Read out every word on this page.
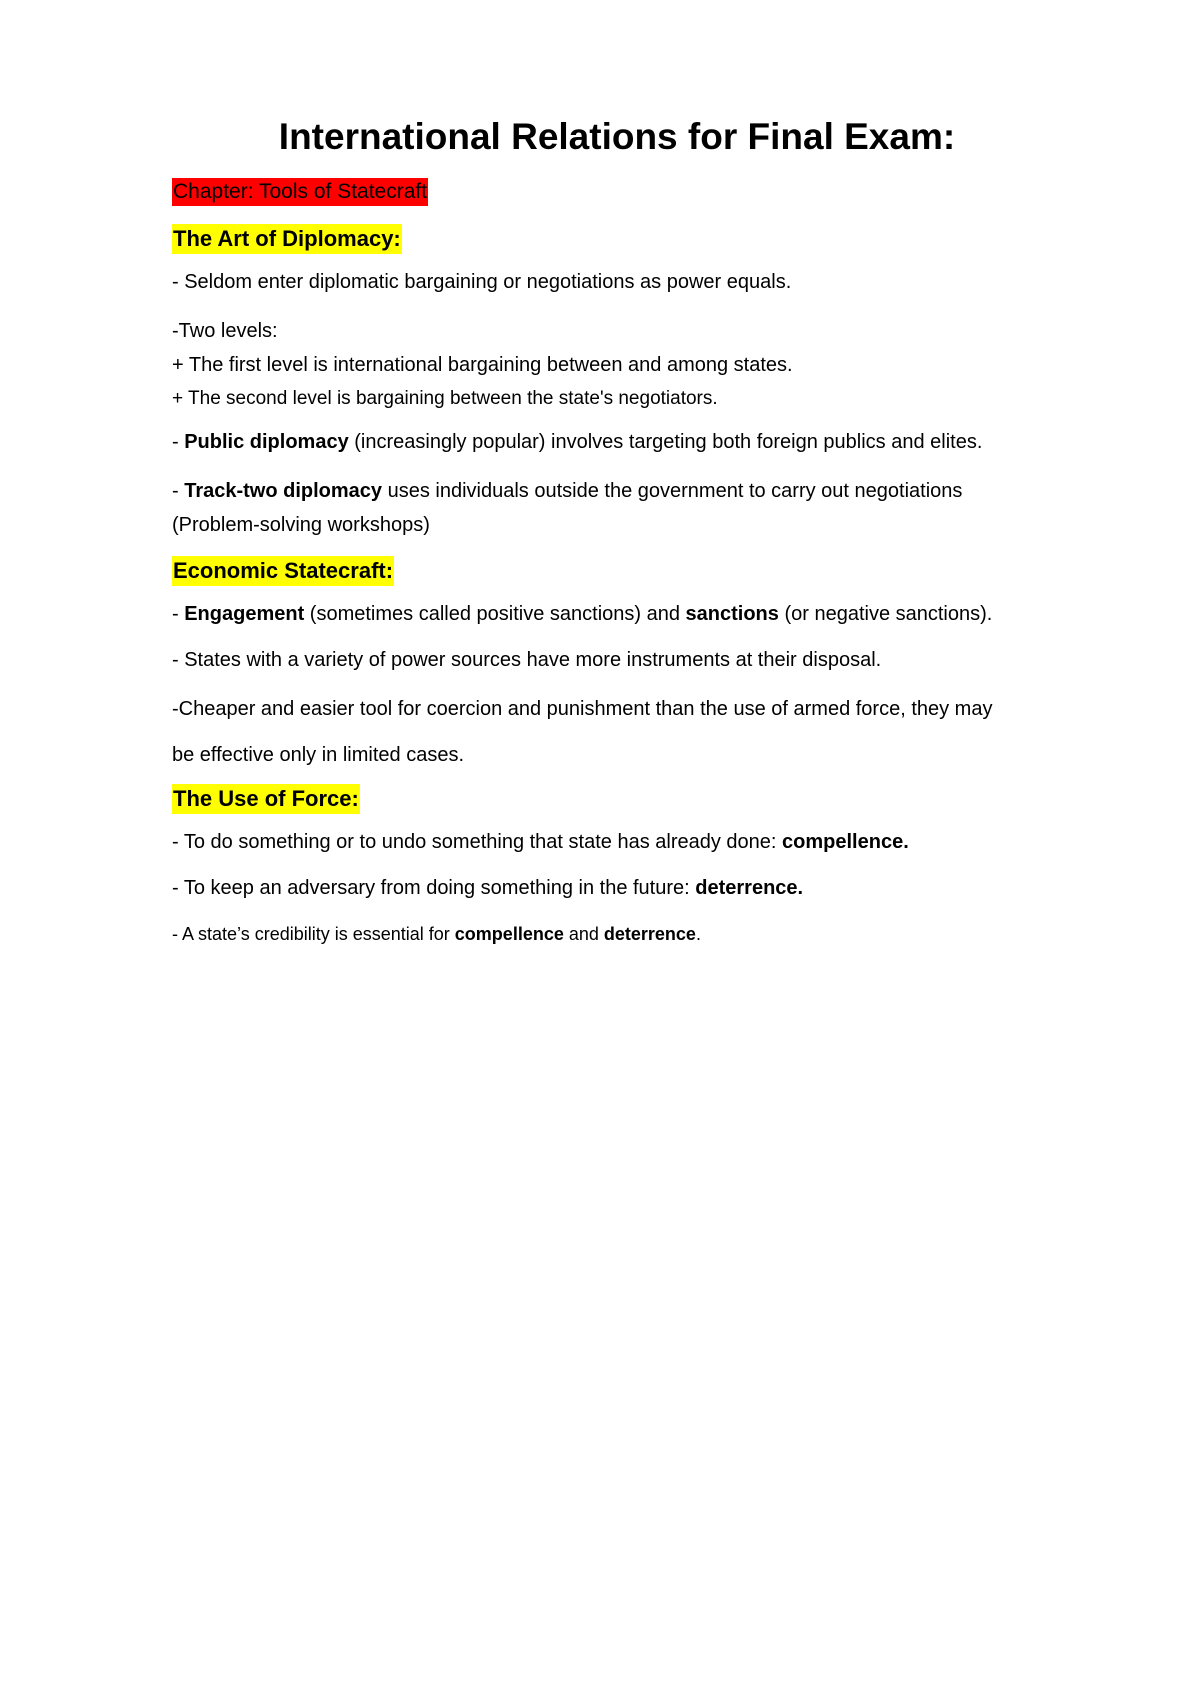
International Relations for Final Exam:
Chapter: Tools of Statecraft
The Art of Diplomacy:
- Seldom enter diplomatic bargaining or negotiations as power equals.
-Two levels:
+ The first level is international bargaining between and among states.
+ The second level is bargaining between the state's negotiators.
- Public diplomacy (increasingly popular) involves targeting both foreign publics and elites.
- Track-two diplomacy uses individuals outside the government to carry out negotiations
(Problem-solving workshops)
Economic Statecraft:
- Engagement (sometimes called positive sanctions) and sanctions (or negative sanctions).
- States with a variety of power sources have more instruments at their disposal.
-Cheaper and easier tool for coercion and punishment than the use of armed force, they may
be effective only in limited cases.
The Use of Force:
- To do something or to undo something that state has already done: compellence.
- To keep an adversary from doing something in the future: deterrence.
- A state’s credibility is essential for compellence and deterrence.
